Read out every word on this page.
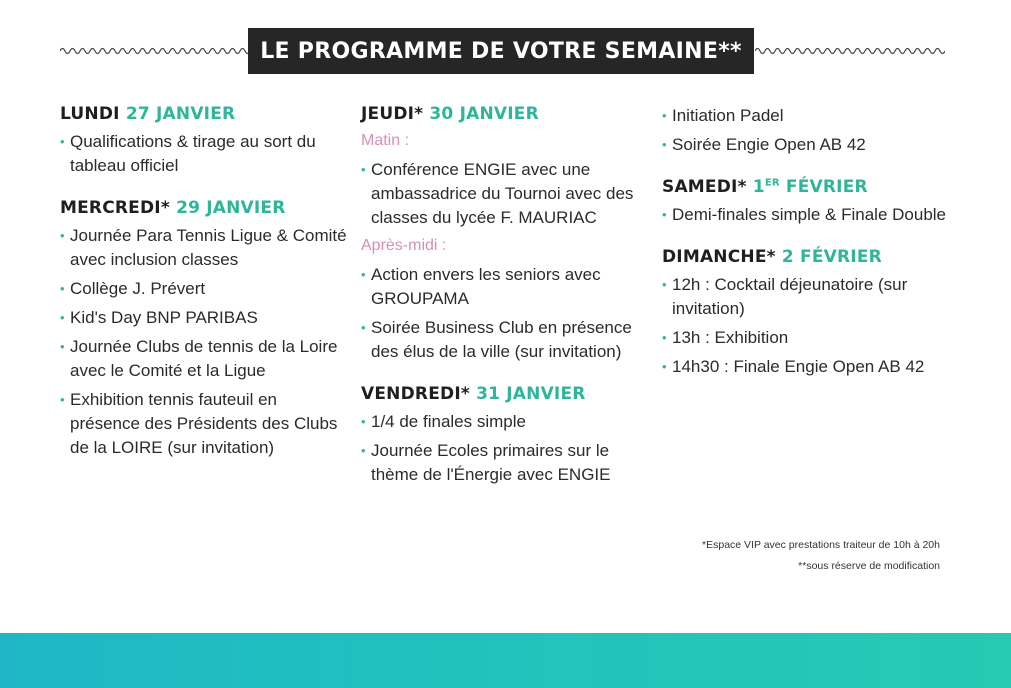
LE PROGRAMME DE VOTRE SEMAINE**
LUNDI 27 JANVIER
• Qualifications & tirage au sort du tableau officiel
MERCREDI* 29 JANVIER
• Journée Para Tennis Ligue & Comité avec inclusion classes
• Collège J. Prévert
• Kid's Day BNP PARIBAS
• Journée Clubs de tennis de la Loire avec le Comité et la Ligue
• Exhibition tennis fauteuil en présence des Présidents des Clubs de la LOIRE (sur invitation)
JEUDI* 30 JANVIER
Matin :
• Conférence ENGIE avec une ambassadrice du Tournoi avec des classes du lycée F. MAURIAC
Après-midi :
• Action envers les seniors avec GROUPAMA
• Soirée Business Club en présence des élus de la ville (sur invitation)
VENDREDI* 31 JANVIER
• 1/4 de finales simple
• Journée Ecoles primaires sur le thème de l'Énergie avec ENGIE
• Initiation Padel
• Soirée Engie Open AB 42
SAMEDI* 1ER FÉVRIER
• Demi-finales simple & Finale Double
DIMANCHE* 2 FÉVRIER
• 12h : Cocktail déjeunatoire (sur invitation)
• 13h : Exhibition
• 14h30 : Finale Engie Open AB 42
*Espace VIP avec prestations traiteur de 10h à 20h
**sous réserve de modification
